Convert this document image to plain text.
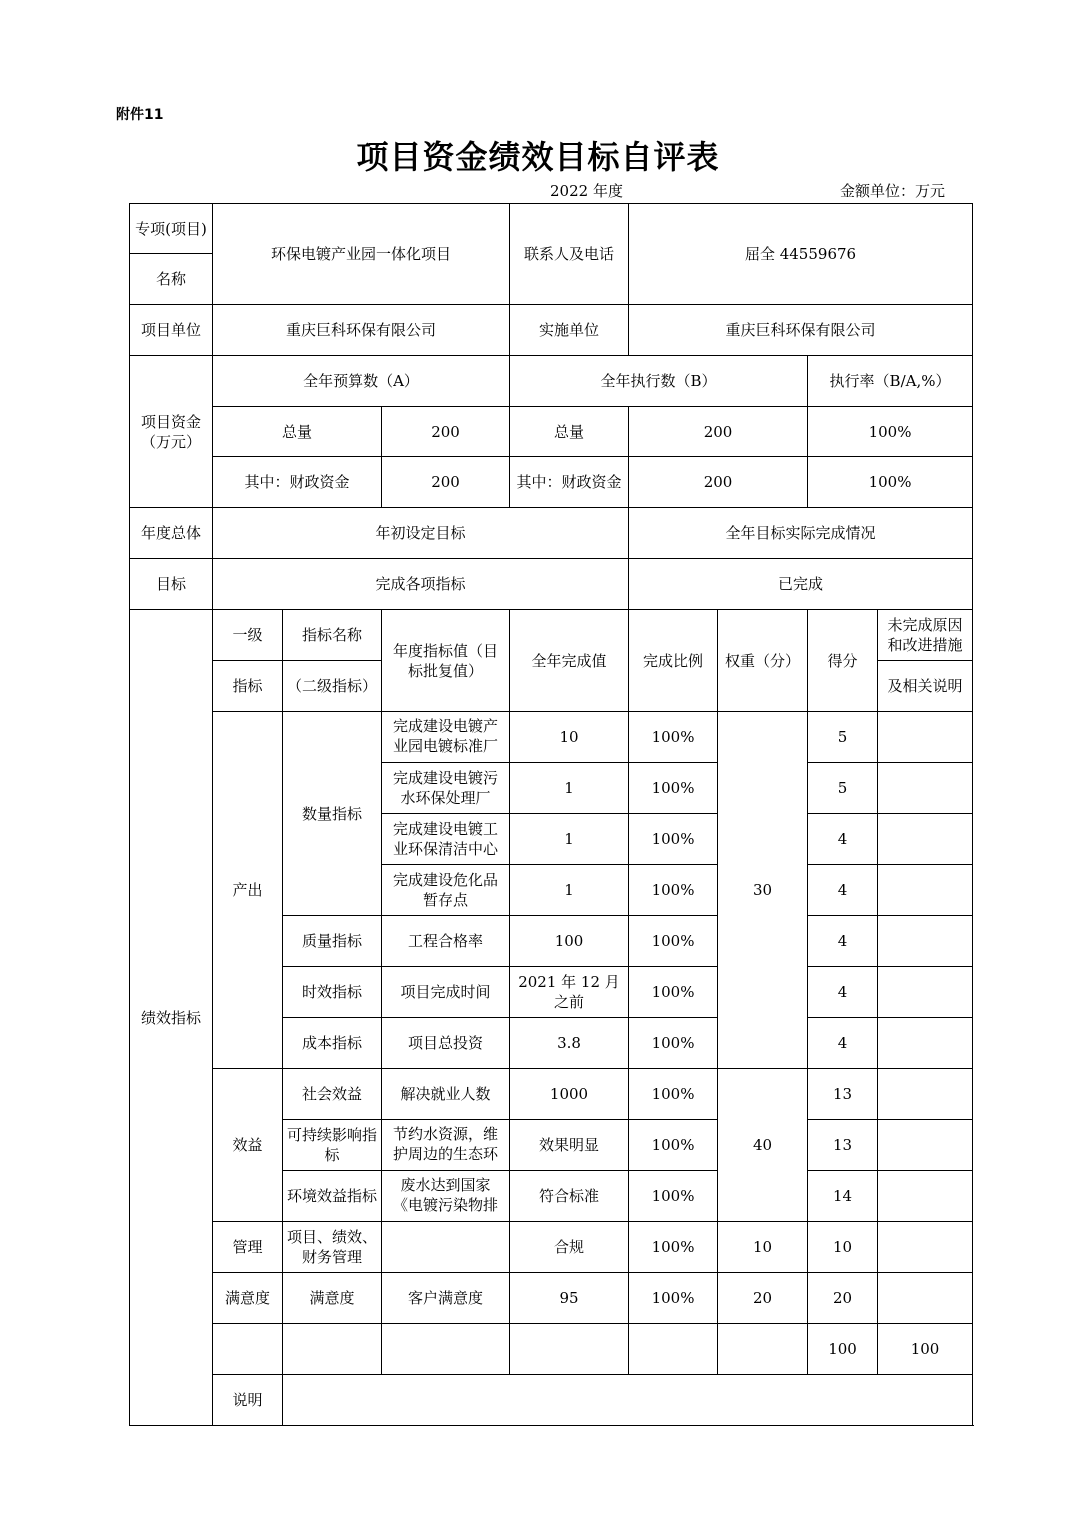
附件11
项目资金绩效目标自评表
2022 年度	金额单位：万元
专项(项目)	环保电镀产业园一体化项目			联系人及电话	屈全 44559676				
名称									
项目单位	重庆巨科环保有限公司			实施单位	重庆巨科环保有限公司				
项目资金（万元）	全年预算数（A）			全年执行数（B）			执行率（B/A,%）		
	总量		200	总量	200		100%		
	其中：财政资金		200	其中：财政资金	200		100%		
年度总体	年初设定目标				全年目标实际完成情况				
目标	完成各项指标				已完成				
绩效指标	一级	指标名称	年度指标值（目标批复值）	全年完成值	完成比例	权重（分）	得分	未完成原因和改进措施	

	指标	（二级指标）						及相关说明	
	产出	数量指标	完成建设电镀产业园电镀标准厂	10	100%	30	5		

			完成建设电镀污水环保处理厂	1	100%		5		

			完成建设电镀工业环保清洁中心	1	100%		4		

			完成建设危化品暂存点	1	100%		4		
		质量指标	工程合格率	100	100%		4		
		时效指标	项目完成时间	2021 年 12 月之前	100%		4		
		成本指标	项目总投资	3.8	100%		4		
	效益	社会效益	解决就业人数	1000	100%	40	13		
		可持续影响指标	节约水资源，维护周边的生态环	效果明显	100%		13		
		环境效益指标	废水达到国家《电镀污染物排	符合标准	100%		14		
	管理	项目、绩效、财务管理		合规	100%	10	10		
	满意度	满意度	客户满意度	95	100%	20	20		
							100	100	
	说明								
